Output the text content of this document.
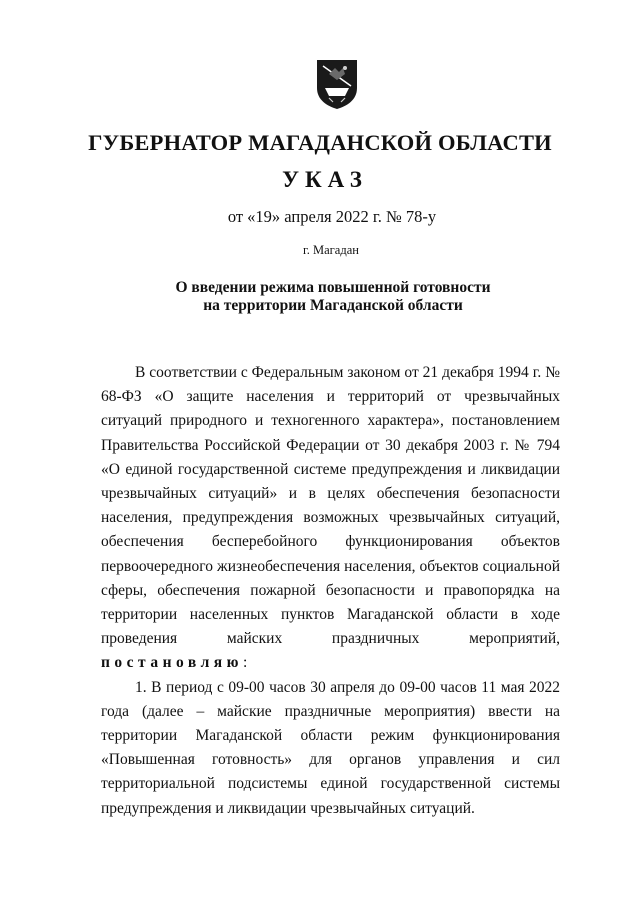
ГУБЕРНАТОР МАГАДАНСКОЙ ОБЛАСТИ
УКАЗ
от «19» апреля 2022 г. № 78-у
г. Магадан
О введении режима повышенной готовности
на территории Магаданской области

В соответствии с Федеральным законом от 21 декабря 1994 г. № 68-ФЗ «О защите населения и территорий от чрезвычайных ситуаций природного и техногенного характера», постановлением Правительства Российской Федерации от 30 декабря 2003 г. № 794 «О единой государственной системе предупреждения и ликвидации чрезвычайных ситуаций» и в целях обеспечения безопасности населения, предупреждения возможных чрезвычайных ситуаций, обеспечения бесперебойного функционирования объектов первоочередного жизнеобеспечения населения, объектов социальной сферы, обеспечения пожарной безопасности и правопорядка на территории населенных пунктов Магаданской области в ходе проведения майских праздничных мероприятий, постановляю:

1. В период с 09-00 часов 30 апреля до 09-00 часов 11 мая 2022 года (далее – майские праздничные мероприятия) ввести на территории Магаданской области режим функционирования «Повышенная готовность» для органов управления и сил территориальной подсистемы единой государственной системы предупреждения и ликвидации чрезвычайных ситуаций.
